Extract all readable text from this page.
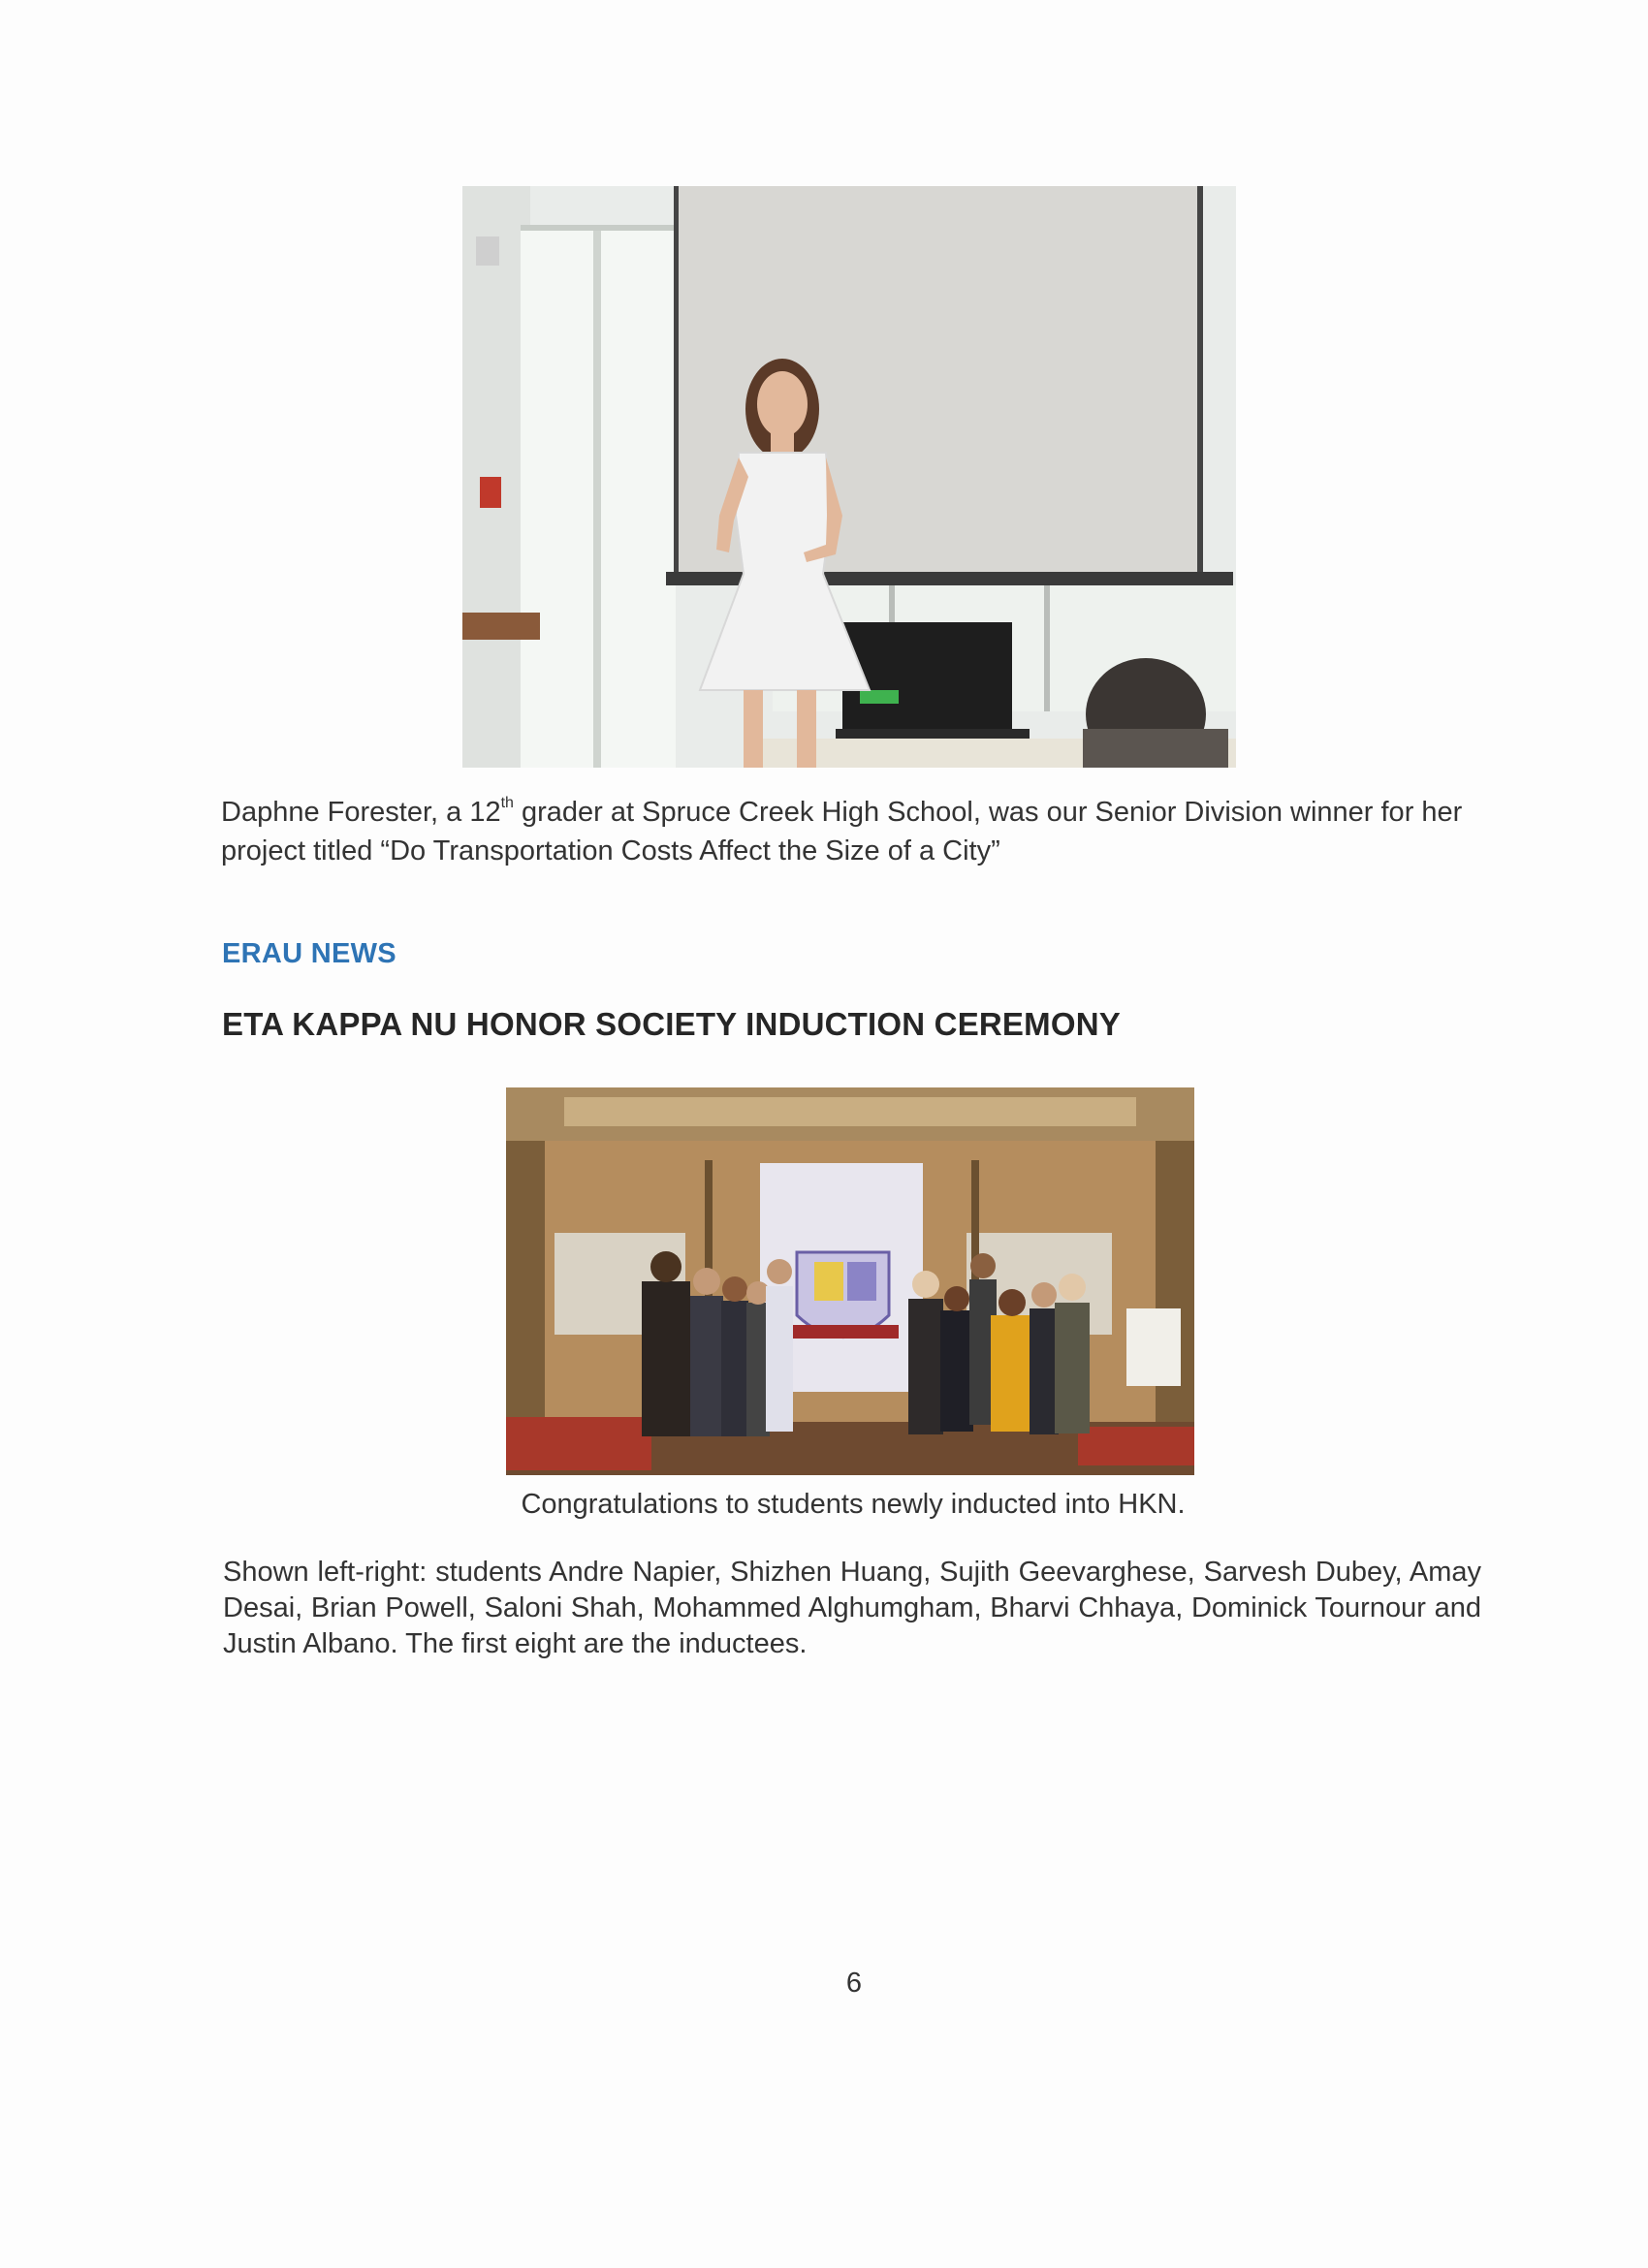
Daphne Forester, a 12th grader at Spruce Creek High School, was our Senior Division winner for her project titled “Do Transportation Costs Affect the Size of a City”

ERAU NEWS
ETA KAPPA NU HONOR SOCIETY INDUCTION CEREMONY

Congratulations to students newly inducted into HKN.

Shown left-right: students Andre Napier, Shizhen Huang, Sujith Geevarghese, Sarvesh Dubey, Amay Desai, Brian Powell, Saloni Shah, Mohammed Alghumgham, Bharvi Chhaya, Dominick Tournour and Justin Albano. The first eight are the inductees.

6
